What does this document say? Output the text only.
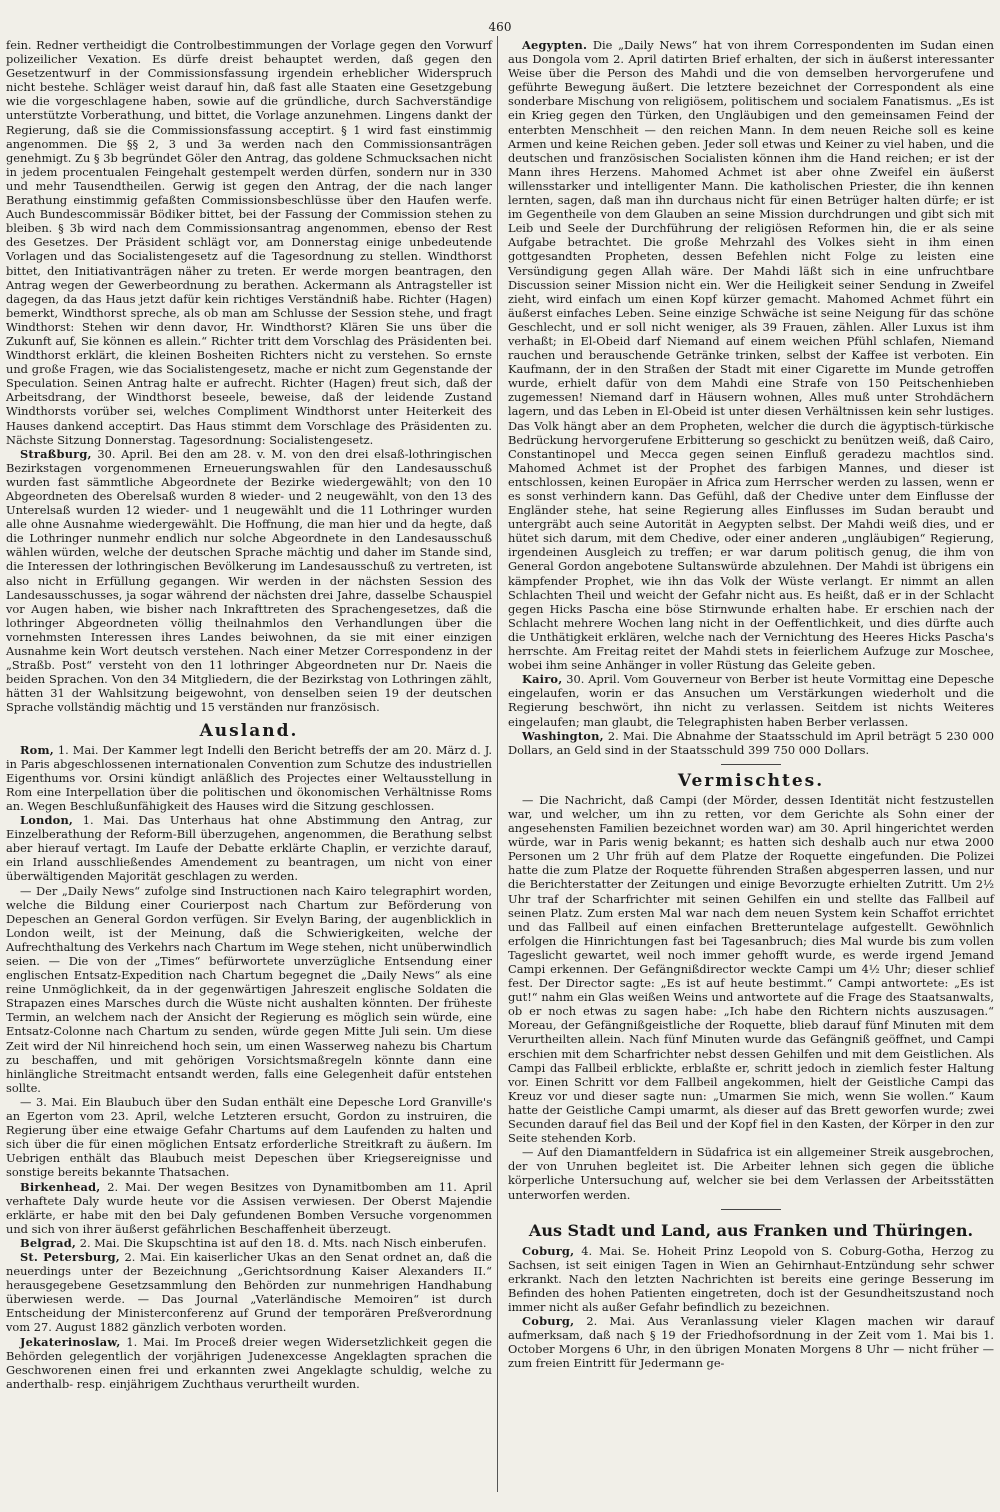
460

fein. Redner vertheidigt die Controlbestimmungen der Vorlage gegen den Vorwurf polizeilicher Vexation. Es dürfe dreist behauptet werden, daß gegen den Gesetzentwurf in der Commissionsfassung irgendein erheblicher Widerspruch nicht bestehe. Schläger weist darauf hin, daß fast alle Staaten eine Gesetzgebung wie die vorgeschlagene haben, sowie auf die gründliche, durch Sachverständige unterstützte Vorberathung, und bittet, die Vorlage anzunehmen. Lingens dankt der Regierung, daß sie die Commissionsfassung acceptirt. § 1 wird fast einstimmig angenommen. Die §§ 2, 3 und 3a werden nach den Commissionsanträgen genehmigt. Zu § 3b begründet Göler den Antrag, das goldene Schmucksachen nicht in jedem procentualen Feingehalt gestempelt werden dürfen, sondern nur in 330 und mehr Tausendtheilen. Gerwig ist gegen den Antrag, der die nach langer Berathung einstimmig gefaßten Commissionsbeschlüsse über den Haufen werfe. Auch Bundescommissär Bödiker bittet, bei der Fassung der Commission stehen zu bleiben. § 3b wird nach dem Commissionsantrag angenommen, ebenso der Rest des Gesetzes. Der Präsident schlägt vor, am Donnerstag einige unbedeutende Vorlagen und das Socialistengesetz auf die Tagesordnung zu stellen. Windthorst bittet, den Initiativanträgen näher zu treten. Er werde morgen beantragen, den Antrag wegen der Gewerbeordnung zu berathen. Ackermann als Antragsteller ist dagegen, da das Haus jetzt dafür kein richtiges Verständniß habe. Richter (Hagen) bemerkt, Windthorst spreche, als ob man am Schlusse der Session stehe, und fragt Windthorst: Stehen wir denn davor, Hr. Windthorst? Klären Sie uns über die Zukunft auf, Sie können es allein.“ Richter tritt dem Vorschlag des Präsidenten bei. Windthorst erklärt, die kleinen Bosheiten Richters nicht zu verstehen. So ernste und große Fragen, wie das Socialistengesetz, mache er nicht zum Gegenstande der Speculation. Seinen Antrag halte er aufrecht. Richter (Hagen) freut sich, daß der Arbeitsdrang, der Windthorst beseele, beweise, daß der leidende Zustand Windthorsts vorüber sei, welches Compliment Windthorst unter Heiterkeit des Hauses dankend acceptirt. Das Haus stimmt dem Vorschlage des Präsidenten zu. Nächste Sitzung Donnerstag. Tagesordnung: Socialistengesetz.

Straßburg, 30. April. Bei den am 28. v. M. von den drei elsaß-lothringischen Bezirkstagen vorgenommenen Erneuerungswahlen für den Landesausschuß wurden fast sämmtliche Abgeordnete der Bezirke wiedergewählt; von den 10 Abgeordneten des Oberelsaß wurden 8 wieder- und 2 neugewählt, von den 13 des Unterelsaß wurden 12 wieder- und 1 neugewählt und die 11 Lothringer wurden alle ohne Ausnahme wiedergewählt. Die Hoffnung, die man hier und da hegte, daß die Lothringer nunmehr endlich nur solche Abgeordnete in den Landesausschuß wählen würden, welche der deutschen Sprache mächtig und daher im Stande sind, die Interessen der lothringischen Bevölkerung im Landesausschuß zu vertreten, ist also nicht in Erfüllung gegangen. Wir werden in der nächsten Session des Landesausschusses, ja sogar während der nächsten drei Jahre, dasselbe Schauspiel vor Augen haben, wie bisher nach Inkrafttreten des Sprachengesetzes, daß die lothringer Abgeordneten völlig theilnahmlos den Verhandlungen über die vornehmsten Interessen ihres Landes beiwohnen, da sie mit einer einzigen Ausnahme kein Wort deutsch verstehen. Nach einer Metzer Correspondenz in der „Straßb. Post“ versteht von den 11 lothringer Abgeordneten nur Dr. Naeis die beiden Sprachen. Von den 34 Mitgliedern, die der Bezirkstag von Lothringen zählt, hätten 31 der Wahlsitzung beigewohnt, von denselben seien 19 der deutschen Sprache vollständig mächtig und 15 verständen nur französisch.

Ausland.

Rom, 1. Mai. Der Kammer legt Indelli den Bericht betreffs der am 20. März d. J. in Paris abgeschlossenen internationalen Convention zum Schutze des industriellen Eigenthums vor. Orsini kündigt anläßlich des Projectes einer Weltausstellung in Rom eine Interpellation über die politischen und ökonomischen Verhältnisse Roms an. Wegen Beschlußunfähigkeit des Hauses wird die Sitzung geschlossen.

London, 1. Mai. Das Unterhaus hat ohne Abstimmung den Antrag, zur Einzelberathung der Reform-Bill überzugehen, angenommen, die Berathung selbst aber hierauf vertagt. Im Laufe der Debatte erklärte Chaplin, er verzichte darauf, ein Irland ausschließendes Amendement zu beantragen, um nicht von einer überwältigenden Majorität geschlagen zu werden.

— Der „Daily News“ zufolge sind Instructionen nach Kairo telegraphirt worden, welche die Bildung einer Courierpost nach Chartum zur Beförderung von Depeschen an General Gordon verfügen. Sir Evelyn Baring, der augenblicklich in London weilt, ist der Meinung, daß die Schwierigkeiten, welche der Aufrechthaltung des Verkehrs nach Chartum im Wege stehen, nicht unüberwindlich seien. — Die von der „Times“ befürwortete unverzügliche Entsendung einer englischen Entsatz-Expedition nach Chartum begegnet die „Daily News“ als eine reine Unmöglichkeit, da in der gegenwärtigen Jahreszeit englische Soldaten die Strapazen eines Marsches durch die Wüste nicht aushalten könnten. Der früheste Termin, an welchem nach der Ansicht der Regierung es möglich sein würde, eine Entsatz-Colonne nach Chartum zu senden, würde gegen Mitte Juli sein. Um diese Zeit wird der Nil hinreichend hoch sein, um einen Wasserweg nahezu bis Chartum zu beschaffen, und mit gehörigen Vorsichtsmaßregeln könnte dann eine hinlängliche Streitmacht entsandt werden, falls eine Gelegenheit dafür entstehen sollte.

— 3. Mai. Ein Blaubuch über den Sudan enthält eine Depesche Lord Granville's an Egerton vom 23. April, welche Letzteren ersucht, Gordon zu instruiren, die Regierung über eine etwaige Gefahr Chartums auf dem Laufenden zu halten und sich über die für einen möglichen Entsatz erforderliche Streitkraft zu äußern. Im Uebrigen enthält das Blaubuch meist Depeschen über Kriegsereignisse und sonstige bereits bekannte Thatsachen.

Birkenhead, 2. Mai. Der wegen Besitzes von Dynamitbomben am 11. April verhaftete Daly wurde heute vor die Assisen verwiesen. Der Oberst Majendie erklärte, er habe mit den bei Daly gefundenen Bomben Versuche vorgenommen und sich von ihrer äußerst gefährlichen Beschaffenheit überzeugt.

Belgrad, 2. Mai. Die Skupschtina ist auf den 18. d. Mts. nach Nisch einberufen.

St. Petersburg, 2. Mai. Ein kaiserlicher Ukas an den Senat ordnet an, daß die neuerdings unter der Bezeichnung „Gerichtsordnung Kaiser Alexanders II.“ herausgegebene Gesetzsammlung den Behörden zur nunmehrigen Handhabung überwiesen werde. — Das Journal „Vaterländische Memoiren“ ist durch Entscheidung der Ministerconferenz auf Grund der temporären Preßverordnung vom 27. August 1882 gänzlich verboten worden.

Jekaterinoslaw, 1. Mai. Im Proceß dreier wegen Widersetzlichkeit gegen die Behörden gelegentlich der vorjährigen Judenexcesse Angeklagten sprachen die Geschworenen einen frei und erkannten zwei Angeklagte schuldig, welche zu anderthalb- resp. einjährigem Zuchthaus verurtheilt wurden.

Aegypten. Die „Daily News“ hat von ihrem Correspondenten im Sudan einen aus Dongola vom 2. April datirten Brief erhalten, der sich in äußerst interessanter Weise über die Person des Mahdi und die von demselben hervorgerufene und geführte Bewegung äußert. Die letztere bezeichnet der Correspondent als eine sonderbare Mischung von religiösem, politischem und socialem Fanatismus. „Es ist ein Krieg gegen den Türken, den Ungläubigen und den gemeinsamen Feind der enterbten Menschheit — den reichen Mann. In dem neuen Reiche soll es keine Armen und keine Reichen geben. Jeder soll etwas und Keiner zu viel haben, und die deutschen und französischen Socialisten können ihm die Hand reichen; er ist der Mann ihres Herzens. Mahomed Achmet ist aber ohne Zweifel ein äußerst willensstarker und intelligenter Mann. Die katholischen Priester, die ihn kennen lernten, sagen, daß man ihn durchaus nicht für einen Betrüger halten dürfe; er ist im Gegentheile von dem Glauben an seine Mission durchdrungen und gibt sich mit Leib und Seele der Durchführung der religiösen Reformen hin, die er als seine Aufgabe betrachtet. Die große Mehrzahl des Volkes sieht in ihm einen gottgesandten Propheten, dessen Befehlen nicht Folge zu leisten eine Versündigung gegen Allah wäre. Der Mahdi läßt sich in eine unfruchtbare Discussion seiner Mission nicht ein. Wer die Heiligkeit seiner Sendung in Zweifel zieht, wird einfach um einen Kopf kürzer gemacht. Mahomed Achmet führt ein äußerst einfaches Leben. Seine einzige Schwäche ist seine Neigung für das schöne Geschlecht, und er soll nicht weniger, als 39 Frauen, zählen. Aller Luxus ist ihm verhaßt; in El-Obeid darf Niemand auf einem weichen Pfühl schlafen, Niemand rauchen und berauschende Getränke trinken, selbst der Kaffee ist verboten. Ein Kaufmann, der in den Straßen der Stadt mit einer Cigarette im Munde getroffen wurde, erhielt dafür von dem Mahdi eine Strafe von 150 Peitschenhieben zugemessen! Niemand darf in Häusern wohnen, Alles muß unter Strohdächern lagern, und das Leben in El-Obeid ist unter diesen Verhältnissen kein sehr lustiges. Das Volk hängt aber an dem Propheten, welcher die durch die ägyptisch-türkische Bedrückung hervorgerufene Erbitterung so geschickt zu benützen weiß, daß Cairo, Constantinopel und Mecca gegen seinen Einfluß geradezu machtlos sind. Mahomed Achmet ist der Prophet des farbigen Mannes, und dieser ist entschlossen, keinen Europäer in Africa zum Herrscher werden zu lassen, wenn er es sonst verhindern kann. Das Gefühl, daß der Chedive unter dem Einflusse der Engländer stehe, hat seine Regierung alles Einflusses im Sudan beraubt und untergräbt auch seine Autorität in Aegypten selbst. Der Mahdi weiß dies, und er hütet sich darum, mit dem Chedive, oder einer anderen „ungläubigen“ Regierung, irgendeinen Ausgleich zu treffen; er war darum politisch genug, die ihm von General Gordon angebotene Sultanswürde abzulehnen. Der Mahdi ist übrigens ein kämpfender Prophet, wie ihn das Volk der Wüste verlangt. Er nimmt an allen Schlachten Theil und weicht der Gefahr nicht aus. Es heißt, daß er in der Schlacht gegen Hicks Pascha eine böse Stirnwunde erhalten habe. Er erschien nach der Schlacht mehrere Wochen lang nicht in der Oeffentlichkeit, und dies dürfte auch die Unthätigkeit erklären, welche nach der Vernichtung des Heeres Hicks Pascha's herrschte. Am Freitag reitet der Mahdi stets in feierlichem Aufzuge zur Moschee, wobei ihm seine Anhänger in voller Rüstung das Geleite geben.

Kairo, 30. April. Vom Gouverneur von Berber ist heute Vormittag eine Depesche eingelaufen, worin er das Ansuchen um Verstärkungen wiederholt und die Regierung beschwört, ihn nicht zu verlassen. Seitdem ist nichts Weiteres eingelaufen; man glaubt, die Telegraphisten haben Berber verlassen.

Washington, 2. Mai. Die Abnahme der Staatsschuld im April beträgt 5 230 000 Dollars, an Geld sind in der Staatsschuld 399 750 000 Dollars.

Vermischtes.

— Die Nachricht, daß Campi (der Mörder, dessen Identität nicht festzustellen war, und welcher, um ihn zu retten, vor dem Gerichte als Sohn einer der angesehensten Familien bezeichnet worden war) am 30. April hingerichtet werden würde, war in Paris wenig bekannt; es hatten sich deshalb auch nur etwa 2000 Personen um 2 Uhr früh auf dem Platze der Roquette eingefunden. Die Polizei hatte die zum Platze der Roquette führenden Straßen abgesperren lassen, und nur die Berichterstatter der Zeitungen und einige Bevorzugte erhielten Zutritt. Um 2½ Uhr traf der Scharfrichter mit seinen Gehilfen ein und stellte das Fallbeil auf seinen Platz. Zum ersten Mal war nach dem neuen System kein Schaffot errichtet und das Fallbeil auf einen einfachen Bretteruntelage aufgestellt. Gewöhnlich erfolgen die Hinrichtungen fast bei Tagesanbruch; dies Mal wurde bis zum vollen Tageslicht gewartet, weil noch immer gehofft wurde, es werde irgend Jemand Campi erkennen. Der Gefängnißdirector weckte Campi um 4½ Uhr; dieser schlief fest. Der Director sagte: „Es ist auf heute bestimmt.“ Campi antwortete: „Es ist gut!“ nahm ein Glas weißen Weins und antwortete auf die Frage des Staatsanwalts, ob er noch etwas zu sagen habe: „Ich habe den Richtern nichts auszusagen.“ Moreau, der Gefängnißgeistliche der Roquette, blieb darauf fünf Minuten mit dem Verurtheilten allein. Nach fünf Minuten wurde das Gefängniß geöffnet, und Campi erschien mit dem Scharfrichter nebst dessen Gehilfen und mit dem Geistlichen. Als Campi das Fallbeil erblickte, erblaßte er, schritt jedoch in ziemlich fester Haltung vor. Einen Schritt vor dem Fallbeil angekommen, hielt der Geistliche Campi das Kreuz vor und dieser sagte nun: „Umarmen Sie mich, wenn Sie wollen.“ Kaum hatte der Geistliche Campi umarmt, als dieser auf das Brett geworfen wurde; zwei Secunden darauf fiel das Beil und der Kopf fiel in den Kasten, der Körper in den zur Seite stehenden Korb.

— Auf den Diamantfeldern in Südafrica ist ein allgemeiner Streik ausgebrochen, der von Unruhen begleitet ist. Die Arbeiter lehnen sich gegen die übliche körperliche Untersuchung auf, welcher sie bei dem Verlassen der Arbeitsstätten unterworfen werden.

Aus Stadt und Land, aus Franken und Thüringen.

Coburg, 4. Mai. Se. Hoheit Prinz Leopold von S. Coburg-Gotha, Herzog zu Sachsen, ist seit einigen Tagen in Wien an Gehirnhaut-Entzündung sehr schwer erkrankt. Nach den letzten Nachrichten ist bereits eine geringe Besserung im Befinden des hohen Patienten eingetreten, doch ist der Gesundheitszustand noch immer nicht als außer Gefahr befindlich zu bezeichnen.

Coburg, 2. Mai. Aus Veranlassung vieler Klagen machen wir darauf aufmerksam, daß nach § 19 der Friedhofsordnung in der Zeit vom 1. Mai bis 1. October Morgens 6 Uhr, in den übrigen Monaten Morgens 8 Uhr — nicht früher — zum freien Eintritt für Jedermann ge-
